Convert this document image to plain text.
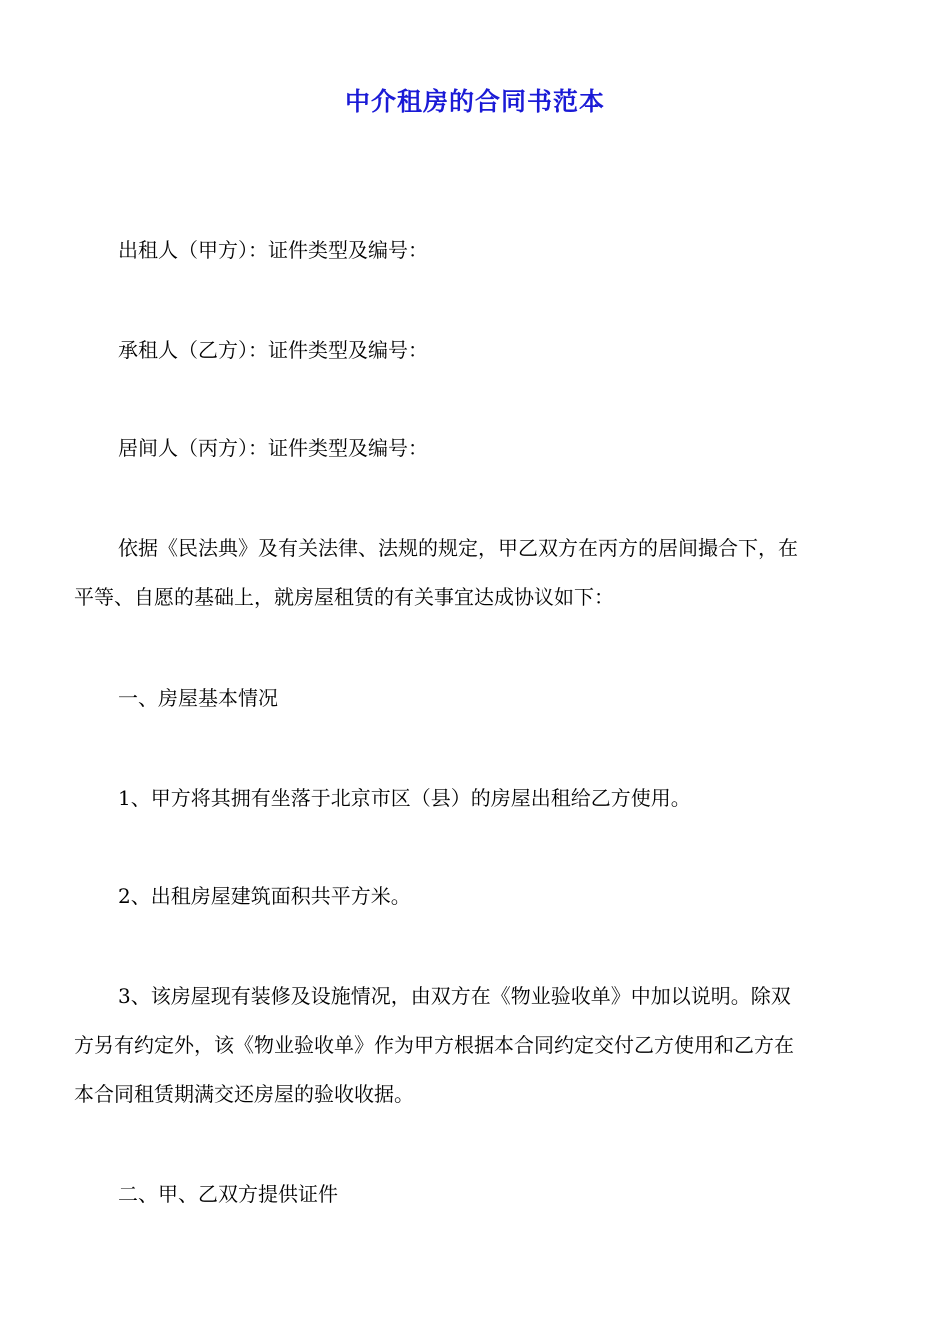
中介租房的合同书范本
出租人（甲方）：证件类型及编号：
承租人（乙方）：证件类型及编号：
居间人（丙方）：证件类型及编号：
依据《民法典》及有关法律、法规的规定，甲乙双方在丙方的居间撮合下，在
平等、自愿的基础上，就房屋租赁的有关事宜达成协议如下：
一、房屋基本情况
1、甲方将其拥有坐落于北京市区（县）的房屋出租给乙方使用。
2、出租房屋建筑面积共平方米。
3、该房屋现有装修及设施情况，由双方在《物业验收单》中加以说明。除双
方另有约定外，该《物业验收单》作为甲方根据本合同约定交付乙方使用和乙方在
本合同租赁期满交还房屋的验收收据。
二、甲、乙双方提供证件
